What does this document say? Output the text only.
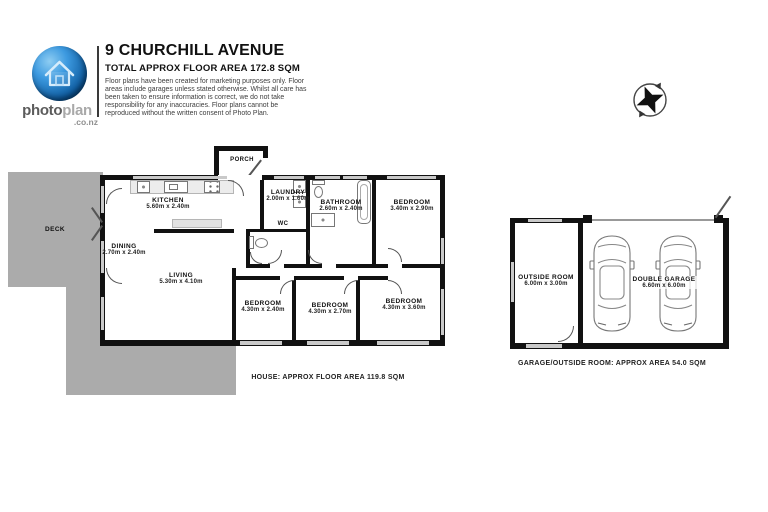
photoplan
.co.nz
9 CHURCHILL AVENUE
TOTAL APPROX FLOOR AREA 172.8 SQM
Floor plans have been created for marketing purposes only. Floor
areas include garages unless stated otherwise. Whilst all care has
been taken to ensure information is correct, we do not take
responsibility for any inaccuracies. Floor plans cannot be
reproduced without the written consent of Photo Plan.
DECK
PORCH
KITCHEN
5.60m x 2.40m
DINING
2.70m x 2.40m
LIVING
5.30m x 4.10m
LAUNDRY
2.00m x 1.60m
WC
BATHROOM
2.60m x 2.40m
BEDROOM
3.40m x 2.90m
BEDROOM
4.30m x 2.40m
BEDROOM
4.30m x 2.70m
BEDROOM
4.30m x 3.60m
HOUSE: APPROX FLOOR AREA 119.8 SQM
OUTSIDE ROOM
6.00m x 3.00m
DOUBLE GARAGE
6.60m x 6.00m
GARAGE/OUTSIDE ROOM: APPROX AREA 54.0 SQM
